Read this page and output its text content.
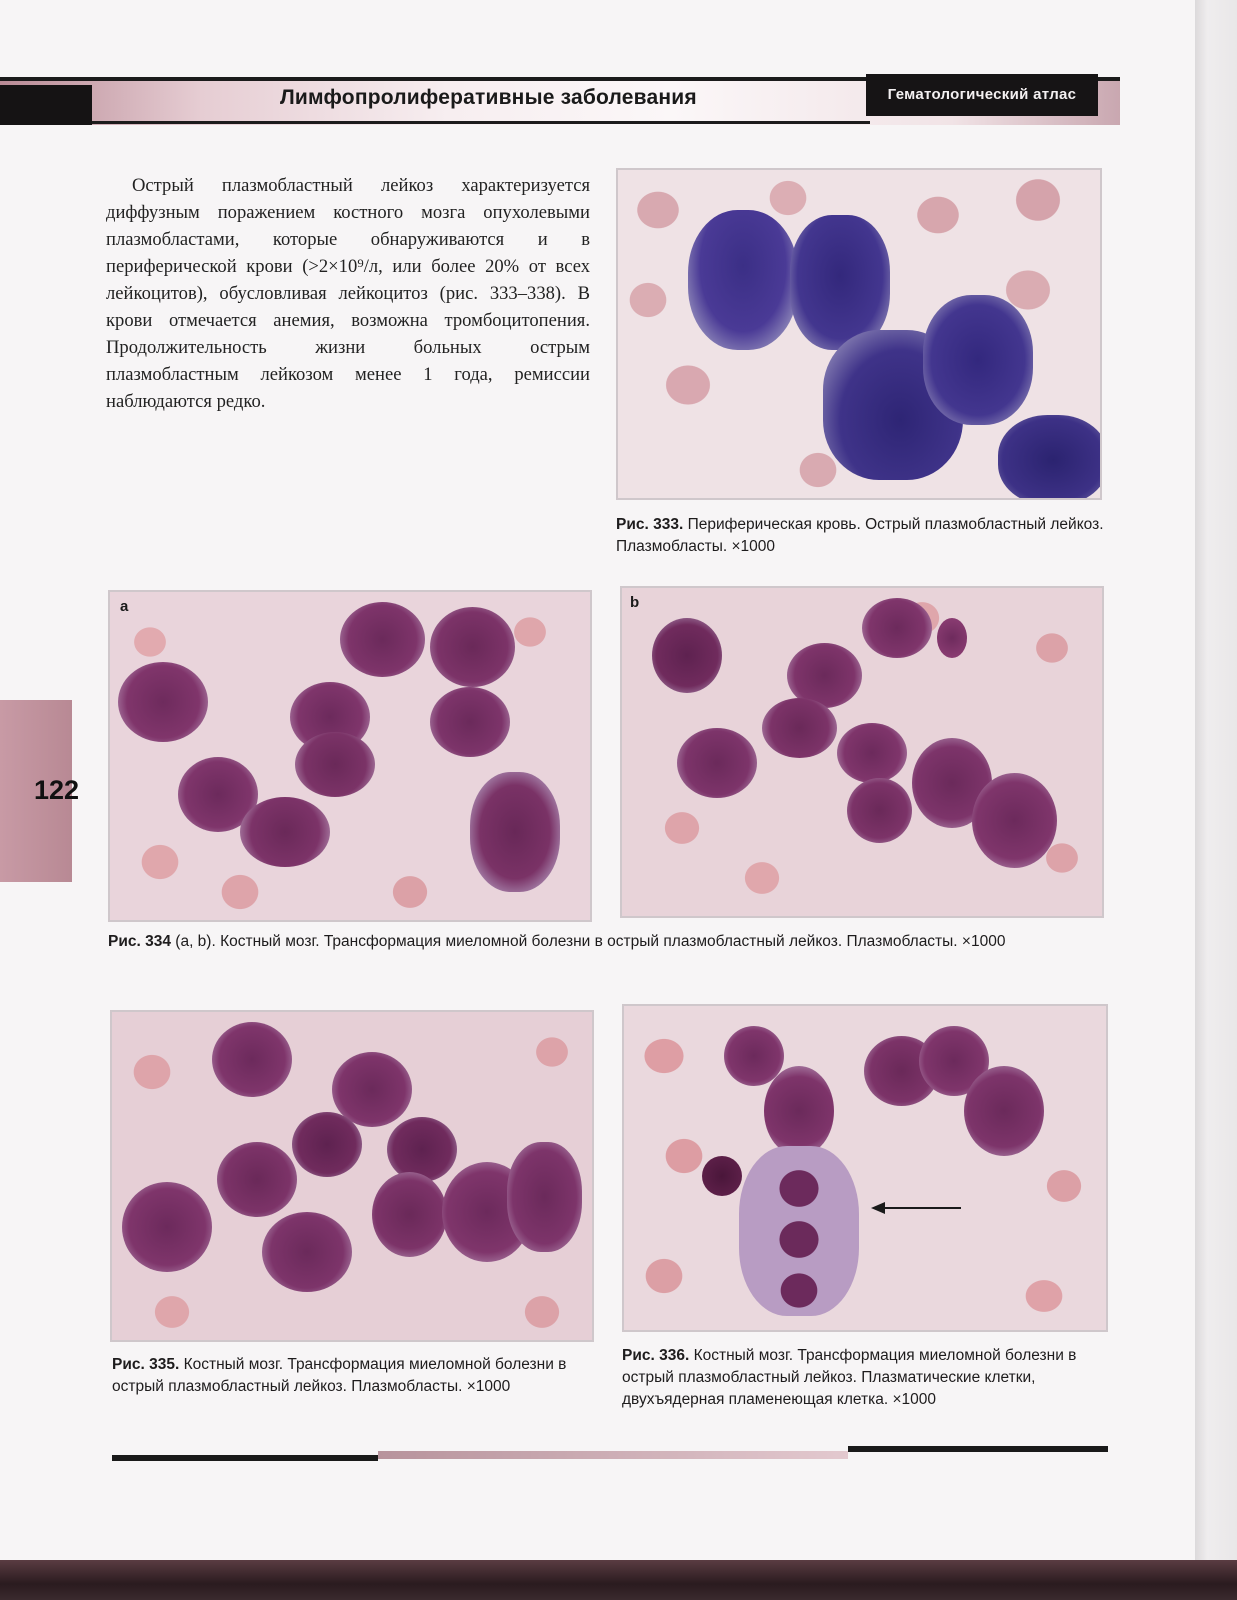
Лимфопролиферативные заболевания	Гематологический атлас
122
Острый плазмобластный лейкоз характеризуется диффузным поражением костного мозга опухолевыми плазмобластами, которые обнаруживаются и в периферической крови (>2×10⁹/л, или более 20% от всех лейкоцитов), обусловливая лейкоцитоз (рис. 333–338). В крови отмечается анемия, возможна тромбоцитопения. Продолжительность жизни больных острым плазмобластным лейкозом менее 1 года, ремиссии наблюдаются редко.
Рис. 333. Периферическая кровь. Острый плазмобластный лейкоз. Плазмобласты. ×1000
a	b
Рис. 334 (a, b). Костный мозг. Трансформация миеломной болезни в острый плазмобластный лейкоз. Плазмобласты. ×1000
Рис. 335. Костный мозг. Трансформация миеломной болезни в острый плазмобластный лейкоз. Плазмобласты. ×1000
Рис. 336. Костный мозг. Трансформация миеломной болезни в острый плазмобластный лейкоз. Плазматические клетки, двухъядерная пламенеющая клетка. ×1000
